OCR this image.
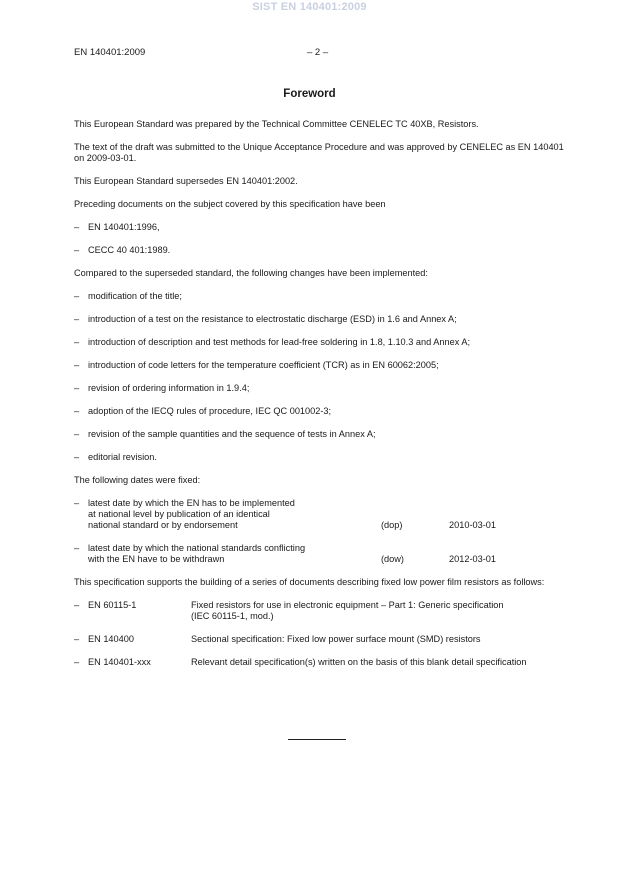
SIST EN 140401:2009
EN 140401:2009	– 2 –
Foreword

This European Standard was prepared by the Technical Committee CENELEC TC 40XB, Resistors.

The text of the draft was submitted to the Unique Acceptance Procedure and was approved by CENELEC as EN 140401 on 2009-03-01.

This European Standard supersedes EN 140401:2002.

Preceding documents on the subject covered by this specification have been

– EN 140401:1996,
– CECC 40 401:1989.

Compared to the superseded standard, the following changes have been implemented:

– modification of the title;
– introduction of a test on the resistance to electrostatic discharge (ESD) in 1.6 and Annex A;
– introduction of description and test methods for lead-free soldering in 1.8, 1.10.3 and Annex A;
– introduction of code letters for the temperature coefficient (TCR) as in EN 60062:2005;
– revision of ordering information in 1.9.4;
– adoption of the IECQ rules of procedure, IEC QC 001002-3;
– revision of the sample quantities and the sequence of tests in Annex A;
– editorial revision.

The following dates were fixed:

– latest date by which the EN has to be implemented
at national level by publication of an identical
national standard or by endorsement	(dop)	2010-03-01
– latest date by which the national standards conflicting
with the EN have to be withdrawn	(dow)	2012-03-01

This specification supports the building of a series of documents describing fixed low power film resistors as follows:

– EN 60115-1	Fixed resistors for use in electronic equipment – Part 1: Generic specification
(IEC 60115-1, mod.)
– EN 140400	Sectional specification: Fixed low power surface mount (SMD) resistors
– EN 140401-xxx	Relevant detail specification(s) written on the basis of this blank detail specification
